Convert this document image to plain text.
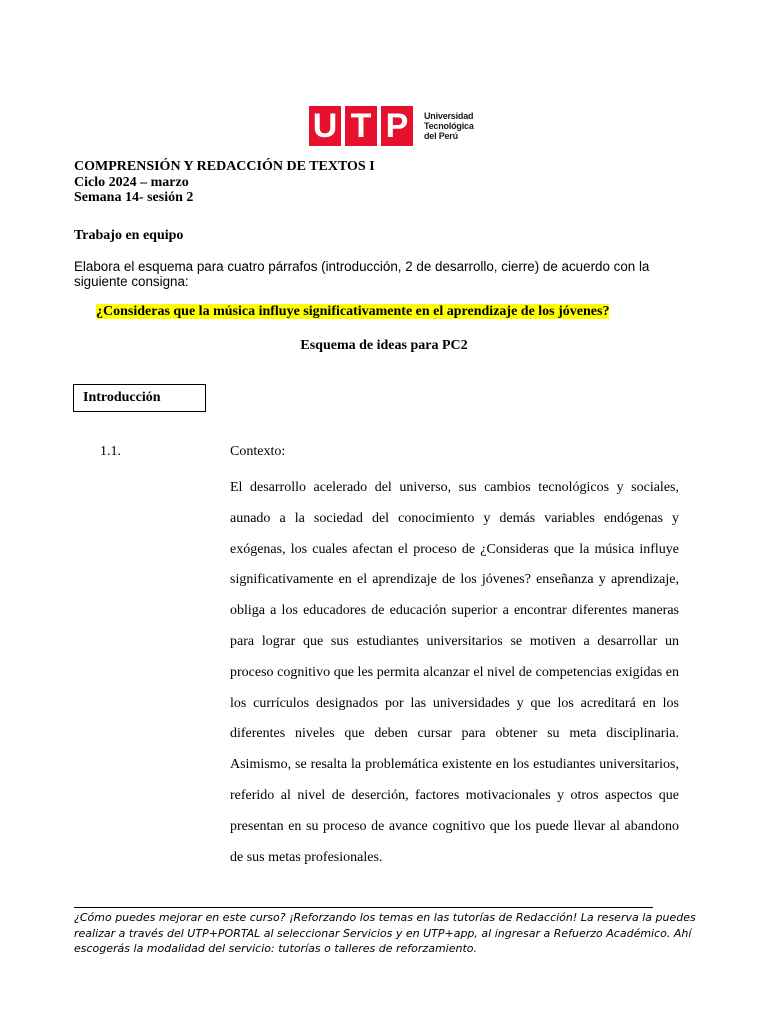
U T P	Universidad
Tecnológica
del Perú
COMPRENSIÓN Y REDACCIÓN DE TEXTOS I
Ciclo 2024 – marzo
Semana 14- sesión 2
Trabajo en equipo
Elabora el esquema para cuatro párrafos (introducción, 2 de desarrollo, cierre) de acuerdo con la siguiente consigna:
¿Consideras que la música influye significativamente en el aprendizaje de los jóvenes?
Esquema de ideas para PC2
Introducción
1.1.	Contexto:
El desarrollo acelerado del universo, sus cambios tecnológicos y sociales, aunado a la sociedad del conocimiento y demás variables endógenas y exógenas, los cuales afectan el proceso de ¿Consideras que la música influye significativamente en el aprendizaje de los jóvenes? enseñanza y aprendizaje, obliga a los educadores de educación superior a encontrar diferentes maneras para lograr que sus estudiantes universitarios se motiven a desarrollar un proceso cognitivo que les permita alcanzar el nivel de competencias exigidas en los currículos designados por las universidades y que los acreditará en los diferentes niveles que deben cursar para obtener su meta disciplinaria. Asimismo, se resalta la problemática existente en los estudiantes universitarios, referido al nivel de deserción, factores motivacionales y otros aspectos que presentan en su proceso de avance cognitivo que los puede llevar al abandono de sus metas profesionales.
¿Cómo puedes mejorar en este curso? ¡Reforzando los temas en las tutorías de Redacción! La reserva la puedes
realizar a través del UTP+PORTAL al seleccionar Servicios y en UTP+app, al ingresar a Refuerzo Académico. Ahí
escogerás la modalidad del servicio: tutorías o talleres de reforzamiento.
